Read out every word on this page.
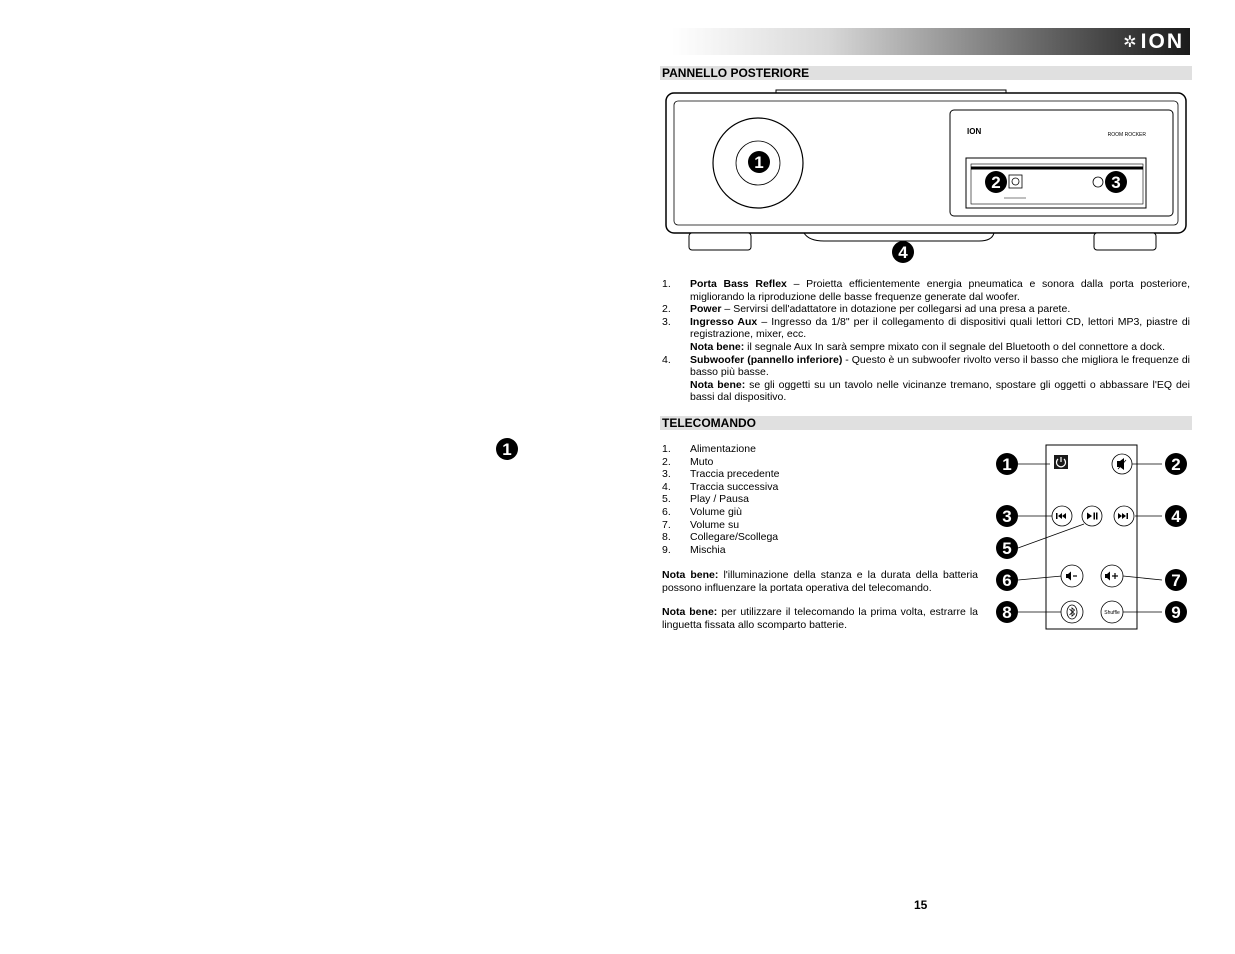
✲ ION
PANNELLO POSTERIORE
ION	ROOM ROCKER
1
2	3
4
1. Porta Bass Reflex – Proietta efficientemente energia pneumatica e sonora dalla porta posteriore, migliorando la riproduzione delle basse frequenze generate dal woofer.
2. Power – Servirsi dell'adattatore in dotazione per collegarsi ad una presa a parete.
3. Ingresso Aux – Ingresso da 1/8" per il collegamento di dispositivi quali lettori CD, lettori MP3, piastre di registrazione, mixer, ecc.
Nota bene: il segnale Aux In sarà sempre mixato con il segnale del Bluetooth o del connettore a dock.
4. Subwoofer (pannello inferiore) - Questo è un subwoofer rivolto verso il basso che migliora le frequenze di basso più basse.
Nota bene: se gli oggetti su un tavolo nelle vicinanze tremano, spostare gli oggetti o abbassare l'EQ dei bassi dal dispositivo.
TELECOMANDO
1. Alimentazione
2. Muto
3. Traccia precedente
4. Traccia successiva
5. Play / Pausa
6. Volume giù
7. Volume su
8. Collegare/Scollega
9. Mischia
Nota bene: l'illuminazione della stanza e la durata della batteria possono influenzare la portata operativa del telecomando.
Nota bene: per utilizzare il telecomando la prima volta, estrarre la linguetta fissata allo scomparto batterie.
Shuffle
1	2
3	4
5
6	7
8	9
1
15
